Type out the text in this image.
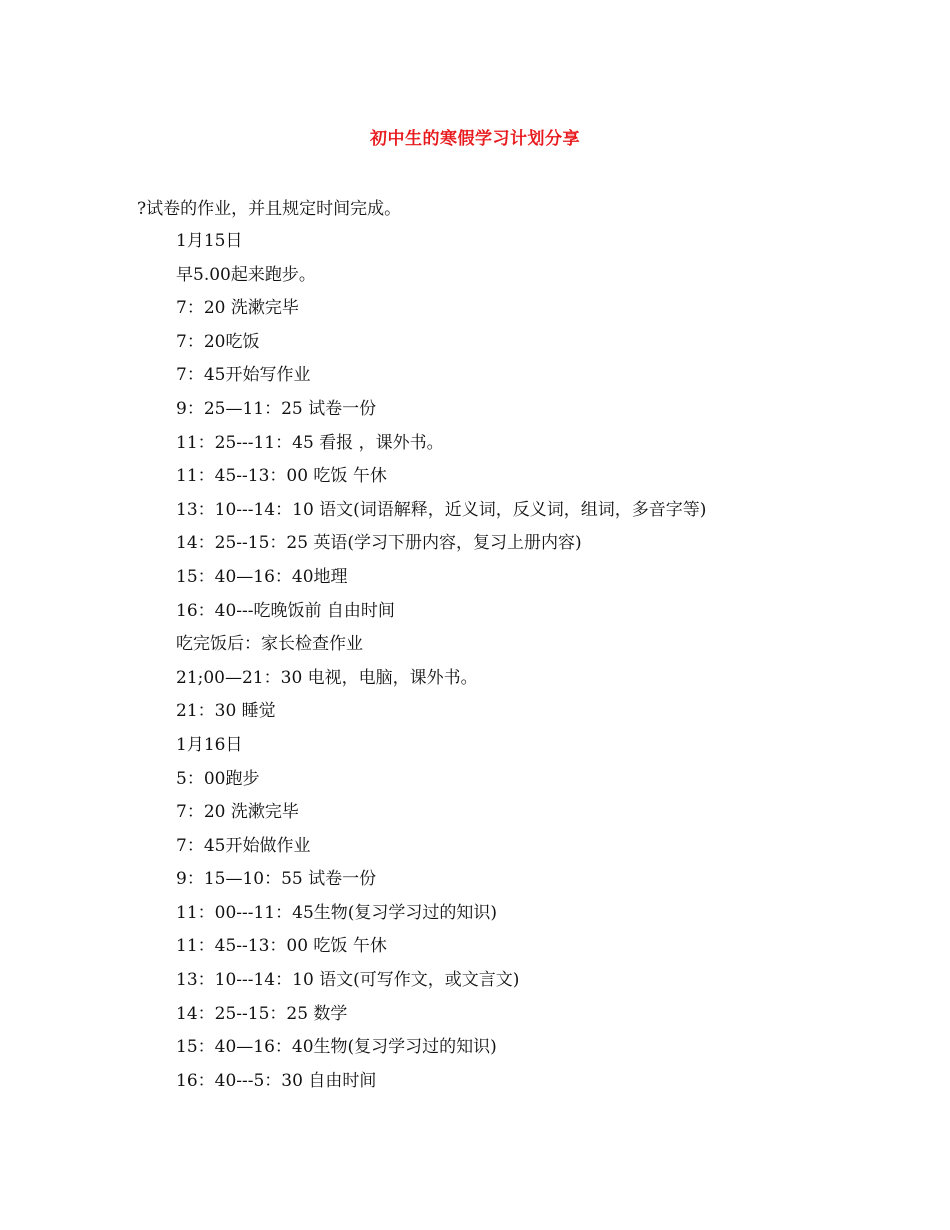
初中生的寒假学习计划分享
?试卷的作业，并且规定时间完成。
1月15日
早5.00起来跑步。
7：20 洗漱完毕
7：20吃饭
7：45开始写作业
9：25—11：25 试卷一份
11：25---11：45 看报 ，课外书。
11：45--13：00 吃饭 午休
13：10---14：10 语文(词语解释，近义词，反义词，组词，多音字等)
14：25--15：25 英语(学习下册内容，复习上册内容)
15：40—16：40地理
16：40---吃晚饭前 自由时间
吃完饭后：家长检查作业
21;00—21：30 电视，电脑，课外书。
21：30 睡觉
1月16日
5：00跑步
7：20 洗漱完毕
7：45开始做作业
9：15—10：55 试卷一份
11：00---11：45生物(复习学习过的知识)
11：45--13：00 吃饭 午休
13：10---14：10 语文(可写作文，或文言文)
14：25--15：25 数学
15：40—16：40生物(复习学习过的知识)
16：40---5：30 自由时间
